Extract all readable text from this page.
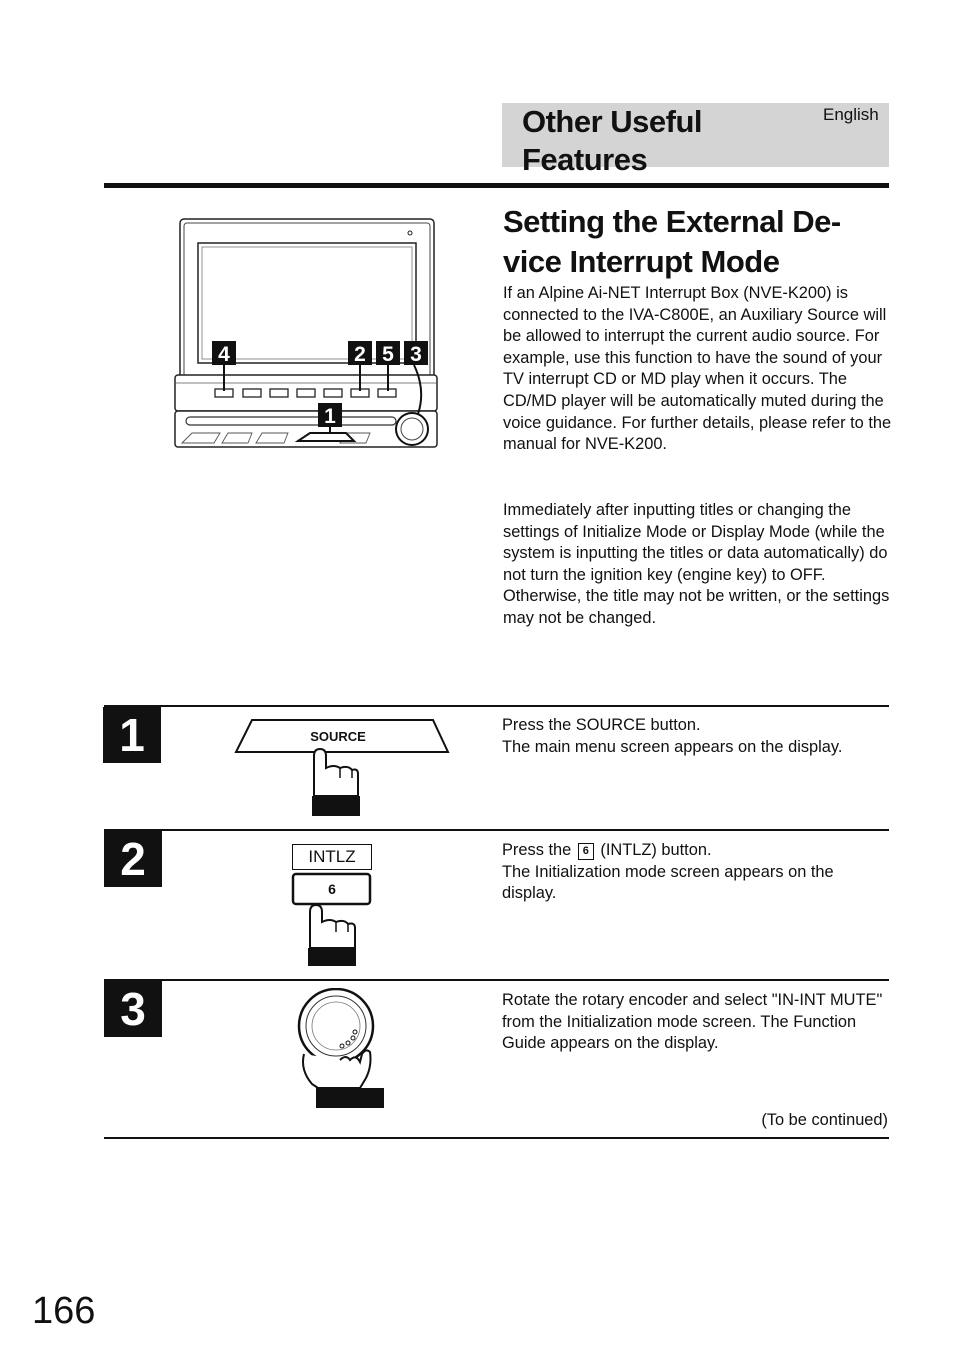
Other Useful Features
English
4	2 5 3
1
Setting the External De-
vice Interrupt Mode

If an Alpine Ai-NET Interrupt Box (NVE-K200) is connected to the IVA-C800E, an Auxiliary Source will be allowed to interrupt the current audio source. For example, use this function to have the sound of your TV interrupt CD or MD play when it occurs. The CD/MD player will be automatically muted during the voice guidance. For further details, please refer to the manual for NVE-K200.

Immediately after inputting titles or changing the settings of Initialize Mode or Display Mode (while the system is inputting the titles or data automatically) do not turn the ignition key (engine key) to OFF.

Otherwise, the title may not be written, or the settings may not be changed.

1	SOURCE

Press the SOURCE button.

The main menu screen appears on the display.

2	INTLZ
6

Press the 6 (INTLZ) button.

The Initialization mode screen appears on the display.

3	Rotate the rotary encoder and select "IN-INT MUTE" from the Initialization mode screen. The Function Guide appears on the display.
(To be continued)
166
